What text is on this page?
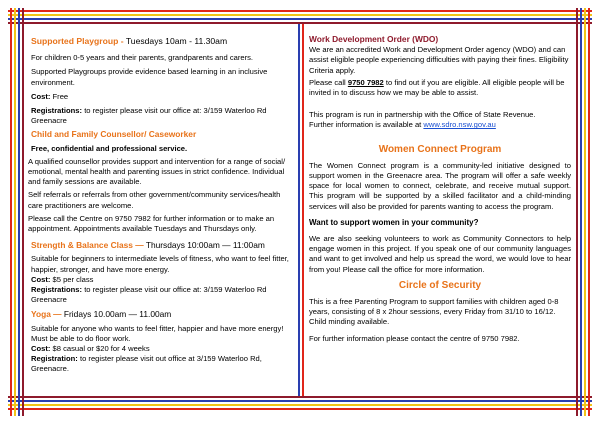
Supported Playgroup - Tuesdays 10am - 11.30am

For children 0-5 years and their parents, grandparents and carers.

Supported Playgroups provide evidence based learning in an inclusive environment.

Cost: Free

Registrations: to register please visit our office at: 3/159 Waterloo Rd Greenacre

Child and Family Counsellor/ Caseworker

Free, confidential and professional service.

A qualified counsellor provides support and intervention for a range of social/ emotional, mental health and parenting issues in strict confidence. Individual and family sessions are available.

Self referrals or referrals from other government/community services/health care practitioners are welcome.

Please call the Centre on 9750 7982 for further information or to make an appointment. Appointments available Tuesdays and Thursdays only.

Strength & Balance Class — Thursdays 10:00am — 11:00am

Suitable for beginners to intermediate levels of fitness, who want to feel fitter, happier, stronger, and have more energy.

Cost: $5 per class

Registrations: to register please visit our office at: 3/159 Waterloo Rd Greenacre

Yoga — Fridays 10.00am — 11.00am

Suitable for anyone who wants to feel fitter, happier and have more energy! Must be able to do floor work.

Cost: $8 casual or $20 for 4 weeks

Registration: to register please visit out office at 3/159 Waterloo Rd, Greenacre.

Work Development Order (WDO)

We are an accredited Work and Development Order agency (WDO) and can assist eligible people experiencing difficulties with paying their fines. Eligibility Criteria apply.

Please call 9750 7982 to find out if you are eligible. All eligible people will be invited in to discuss how we may be able to assist.

This program is run in partnership with the Office of State Revenue.

Further information is available at www.sdro.nsw.gov.au

Women Connect Program

The Women Connect program is a community-led initiative designed to support women in the Greenacre area. The program will offer a safe weekly space for local women to connect, celebrate, and receive mutual support. This program will be supported by a skilled facilitator and a child-minding services will also be provided for parents wanting to access the program.

Want to support women in your community?

We are also seeking volunteers to work as Community Connectors to help engage women in this project. If you speak one of our community languages and want to get involved and help us spread the word, we would love to hear from you! Please call the office for more information.

Circle of Security

This is a free Parenting Program to support families with children aged 0-8 years, consisting of 8 x 2hour sessions, every Friday from 31/10 to 16/12. Child minding available.

For further information please contact the centre of 9750 7982.
